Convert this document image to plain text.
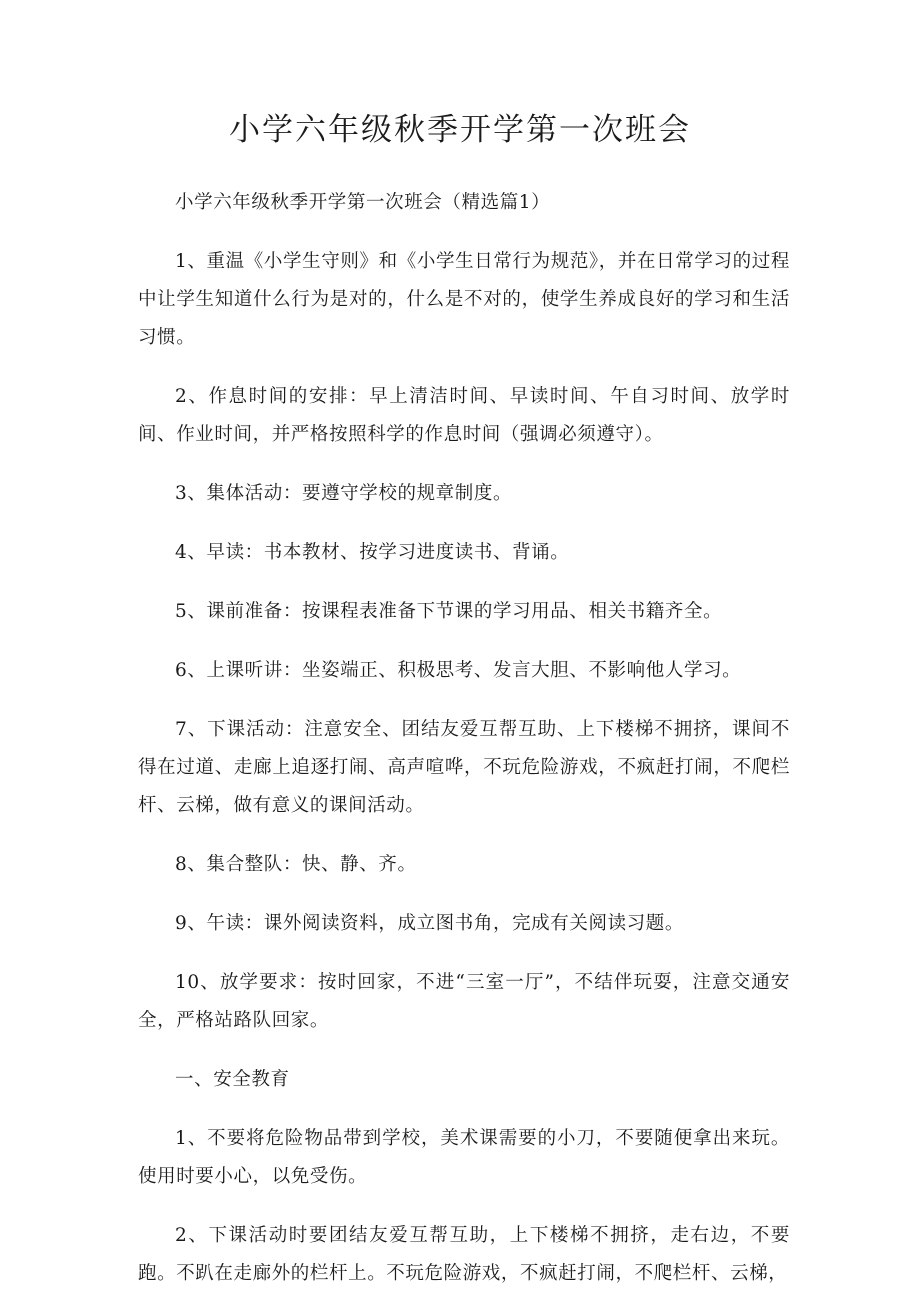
小学六年级秋季开学第一次班会

小学六年级秋季开学第一次班会（精选篇1）

1、重温《小学生守则》和《小学生日常行为规范》，并在日常学习的过程中让学生知道什么行为是对的，什么是不对的，使学生养成良好的学习和生活习惯。

2、作息时间的安排：早上清洁时间、早读时间、午自习时间、放学时间、作业时间，并严格按照科学的作息时间（强调必须遵守）。

3、集体活动：要遵守学校的规章制度。

4、早读：书本教材、按学习进度读书、背诵。

5、课前准备：按课程表准备下节课的学习用品、相关书籍齐全。

6、上课听讲：坐姿端正、积极思考、发言大胆、不影响他人学习。

7、下课活动：注意安全、团结友爱互帮互助、上下楼梯不拥挤，课间不得在过道、走廊上追逐打闹、高声喧哗，不玩危险游戏，不疯赶打闹，不爬栏杆、云梯，做有意义的课间活动。

8、集合整队：快、静、齐。

9、午读：课外阅读资料，成立图书角，完成有关阅读习题。

10、放学要求：按时回家，不进“三室一厅”，不结伴玩耍，注意交通安全，严格站路队回家。

一、安全教育

1、不要将危险物品带到学校，美术课需要的小刀，不要随便拿出来玩。使用时要小心，以免受伤。

2、下课活动时要团结友爱互帮互助，上下楼梯不拥挤，走右边，不要跑。不趴在走廊外的栏杆上。不玩危险游戏，不疯赶打闹，不爬栏杆、云梯，
